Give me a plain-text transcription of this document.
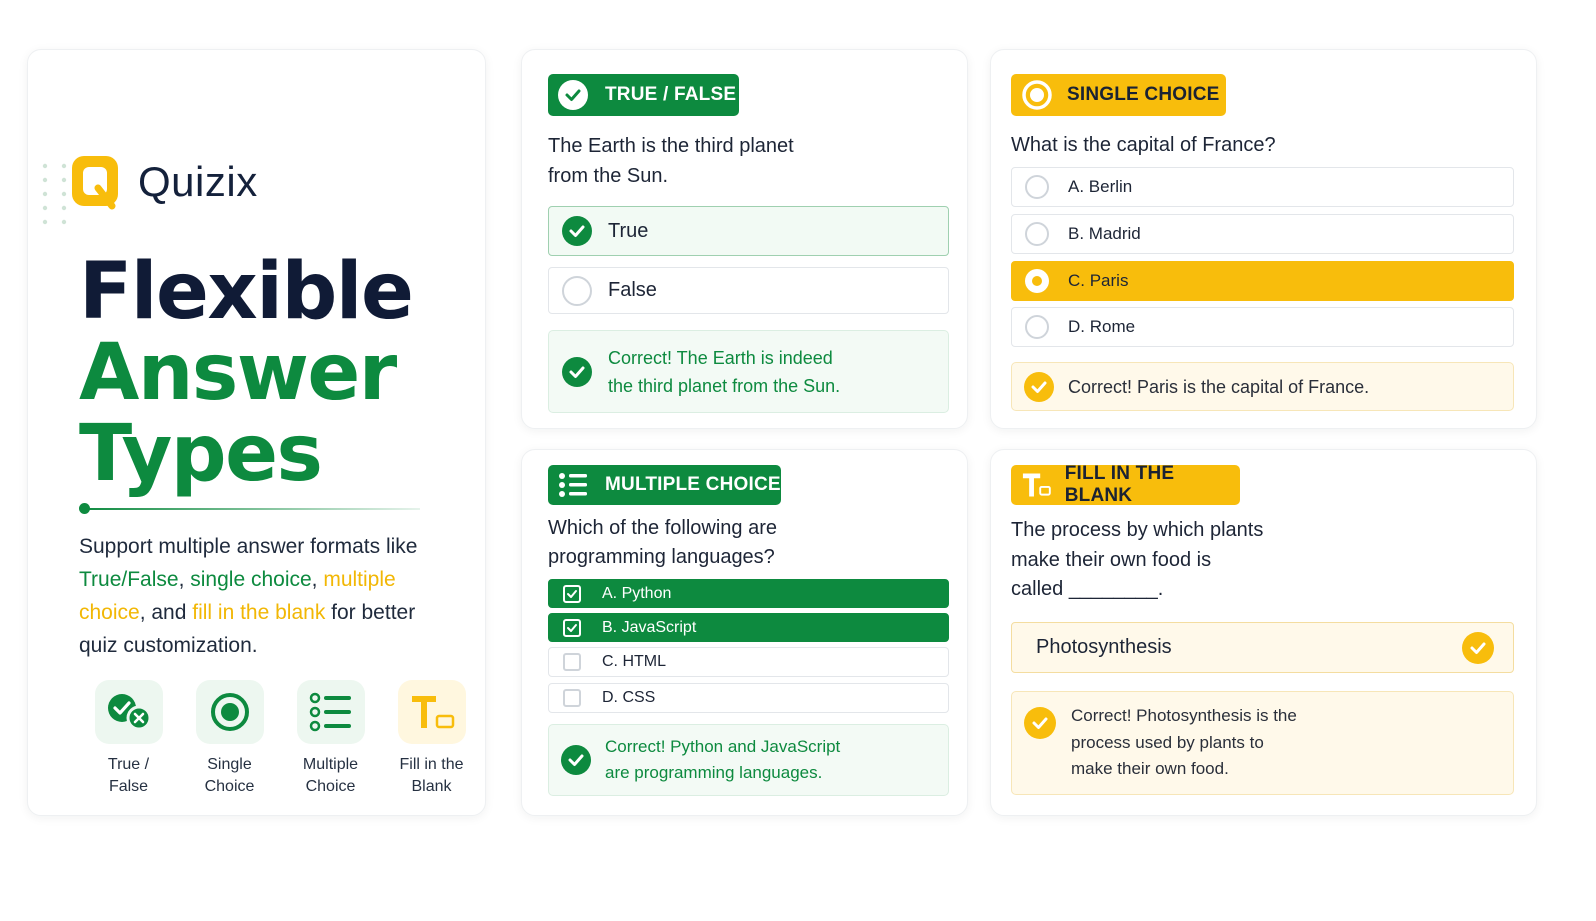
Quizix
Flexible
Answer
Types

Support multiple answer formats like True/False, single choice, multiple choice, and fill in the blank for better quiz customization.

True /
False
Single
Choice
Multiple
Choice
Fill in the
Blank
TRUE / FALSE
The Earth is the third planet
from the Sun.
True
False
Correct! The Earth is indeed
the third planet from the Sun.
SINGLE CHOICE
What is the capital of France?
A. Berlin
B. Madrid
C. Paris
D. Rome
Correct! Paris is the capital of France.
MULTIPLE CHOICE
Which of the following are
programming languages?
A. Python
B. JavaScript
C. HTML
D. CSS
Correct! Python and JavaScript
are programming languages.
FILL IN THE BLANK
The process by which plants
make their own food is
called ________.
Photosynthesis
Correct! Photosynthesis is the
process used by plants to
make their own food.
